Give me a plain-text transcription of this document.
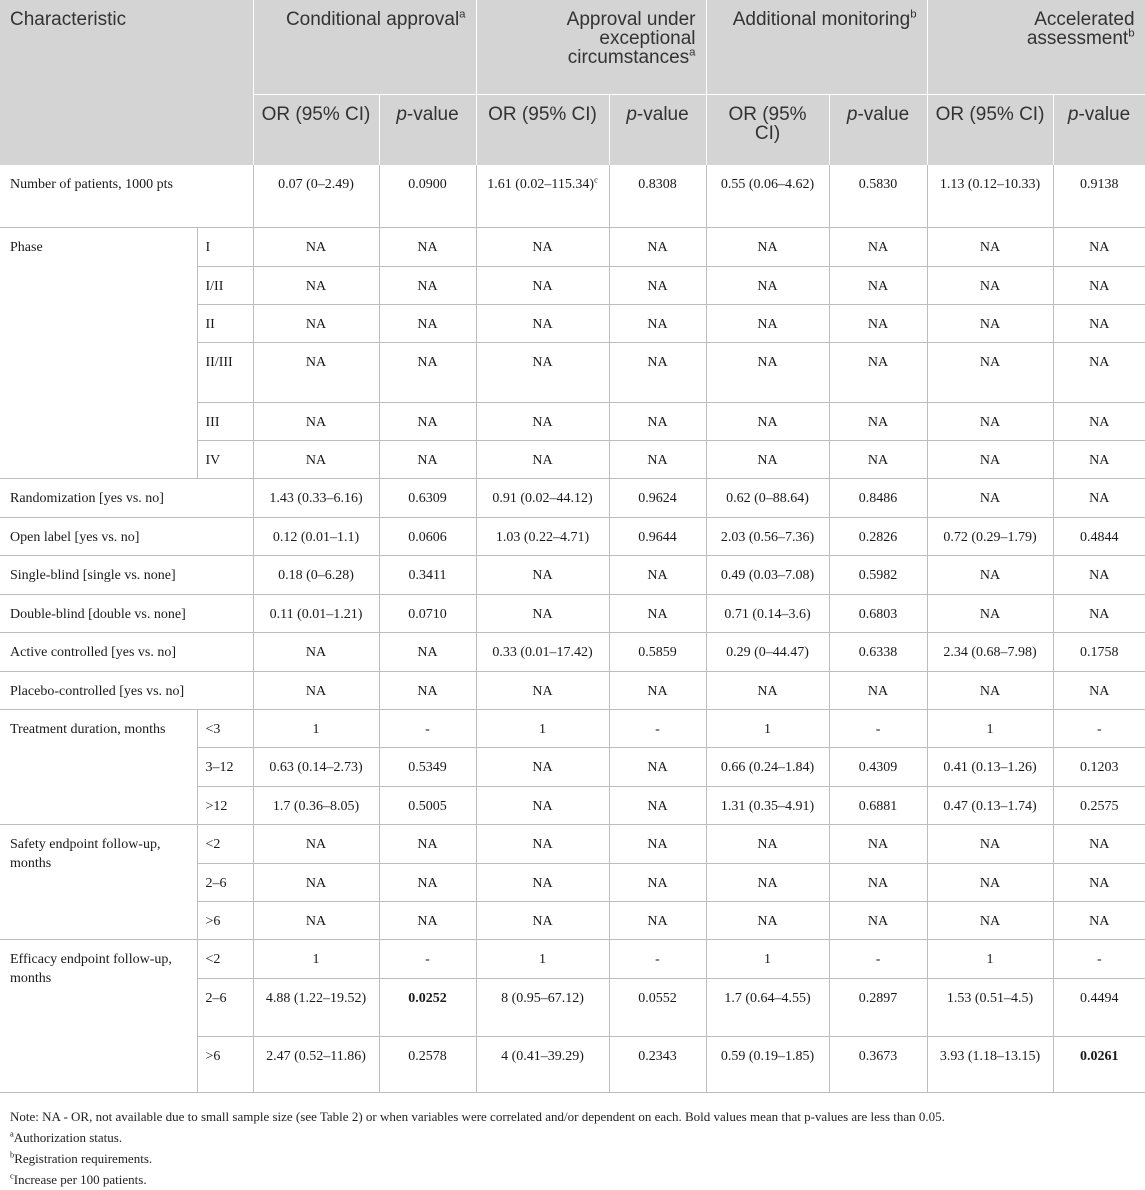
Characteristic		Conditional approval$^a$		Approval under exceptional circumstances$^a$		Additional monitoring$^b$		Accelerated assessment$^b$
		OR (95% CI)	p-value	OR (95% CI)	p-value	OR (95% CI)	p-value	OR (95% CI)	p-value
Number of patients, 1000 pts		0.07 (0–2.49)	0.0900	1.61 $(0.02-115.34)^c$	0.8308	0.55 (0.06–4.62)	0.5830	1.13 (0.12–10.33)	0.9138
Phase	I	NA	NA	NA	NA	NA	NA	NA	NA
	I/II	NA	NA	NA	NA	NA	NA	NA	NA
	II	NA	NA	NA	NA	NA	NA	NA	NA
	II/III	NA	NA	NA	NA	NA	NA	NA	NA
	III	NA	NA	NA	NA	NA	NA	NA	NA
	IV	NA	NA	NA	NA	NA	NA	NA	NA
Randomization [yes vs. no]		1.43 (0.33–6.16)	0.6309	0.91 (0.02–44.12)	0.9624	0.62 (0–88.64)	0.8486	NA	NA
Open label [yes vs. no]		0.12 (0.01–1.1)	0.0606	1.03 (0.22–4.71)	0.9644	2.03 (0.56–7.36)	0.2826	0.72 (0.29–1.79)	0.4844
Single-blind [single vs. none]		0.18 (0–6.28)	0.3411	NA	NA	0.49 (0.03–7.08)	0.5982	NA	NA
Double-blind [double vs. none]		0.11 (0.01–1.21)	0.0710	NA	NA	0.71 (0.14–3.6)	0.6803	NA	NA
Active controlled [yes vs. no]		NA	NA	0.33 (0.01–17.42)	0.5859	0.29 (0–44.47)	0.6338	2.34 (0.68–7.98)	0.1758
Placebo-controlled [yes vs. no]		NA	NA	NA	NA	NA	NA	NA	NA
Treatment duration, months	<3	1	-	1	-	1	-	1	-
	3–12	0.63 (0.14–2.73)	0.5349	NA	NA	0.66 (0.24–1.84)	0.4309	0.41 (0.13–1.26)	0.1203
	>12	1.7 (0.36–8.05)	0.5005	NA	NA	1.31 (0.35–4.91)	0.6881	0.47 (0.13–1.74)	0.2575
Safety endpoint follow-up, months	<2	NA	NA	NA	NA	NA	NA	NA	NA
	2–6	NA	NA	NA	NA	NA	NA	NA	NA
	>6	NA	NA	NA	NA	NA	NA	NA	NA
Efficacy endpoint follow-up, months	<2	1	-	1	-	1	-	1	-
	2–6	4.88 (1.22–19.52)	0.0252	8 (0.95–67.12)	0.0552	1.7 (0.64–4.55)	0.2897	1.53 (0.51–4.5)	0.4494
	>6	2.47 (0.52–11.86)	0.2578	4 (0.41–39.29)	0.2343	0.59 (0.19–1.85)	0.3673	3.93 (1.18–13.15)	0.0261
Note: NA - OR, not available due to small sample size (see Table 2) or when variables were correlated and/or dependent on each. Bold values mean that p-values are less than 0.05.
$^a$Authorization status.
$^b$Registration requirements.
$^c$Increase per 100 patients.
